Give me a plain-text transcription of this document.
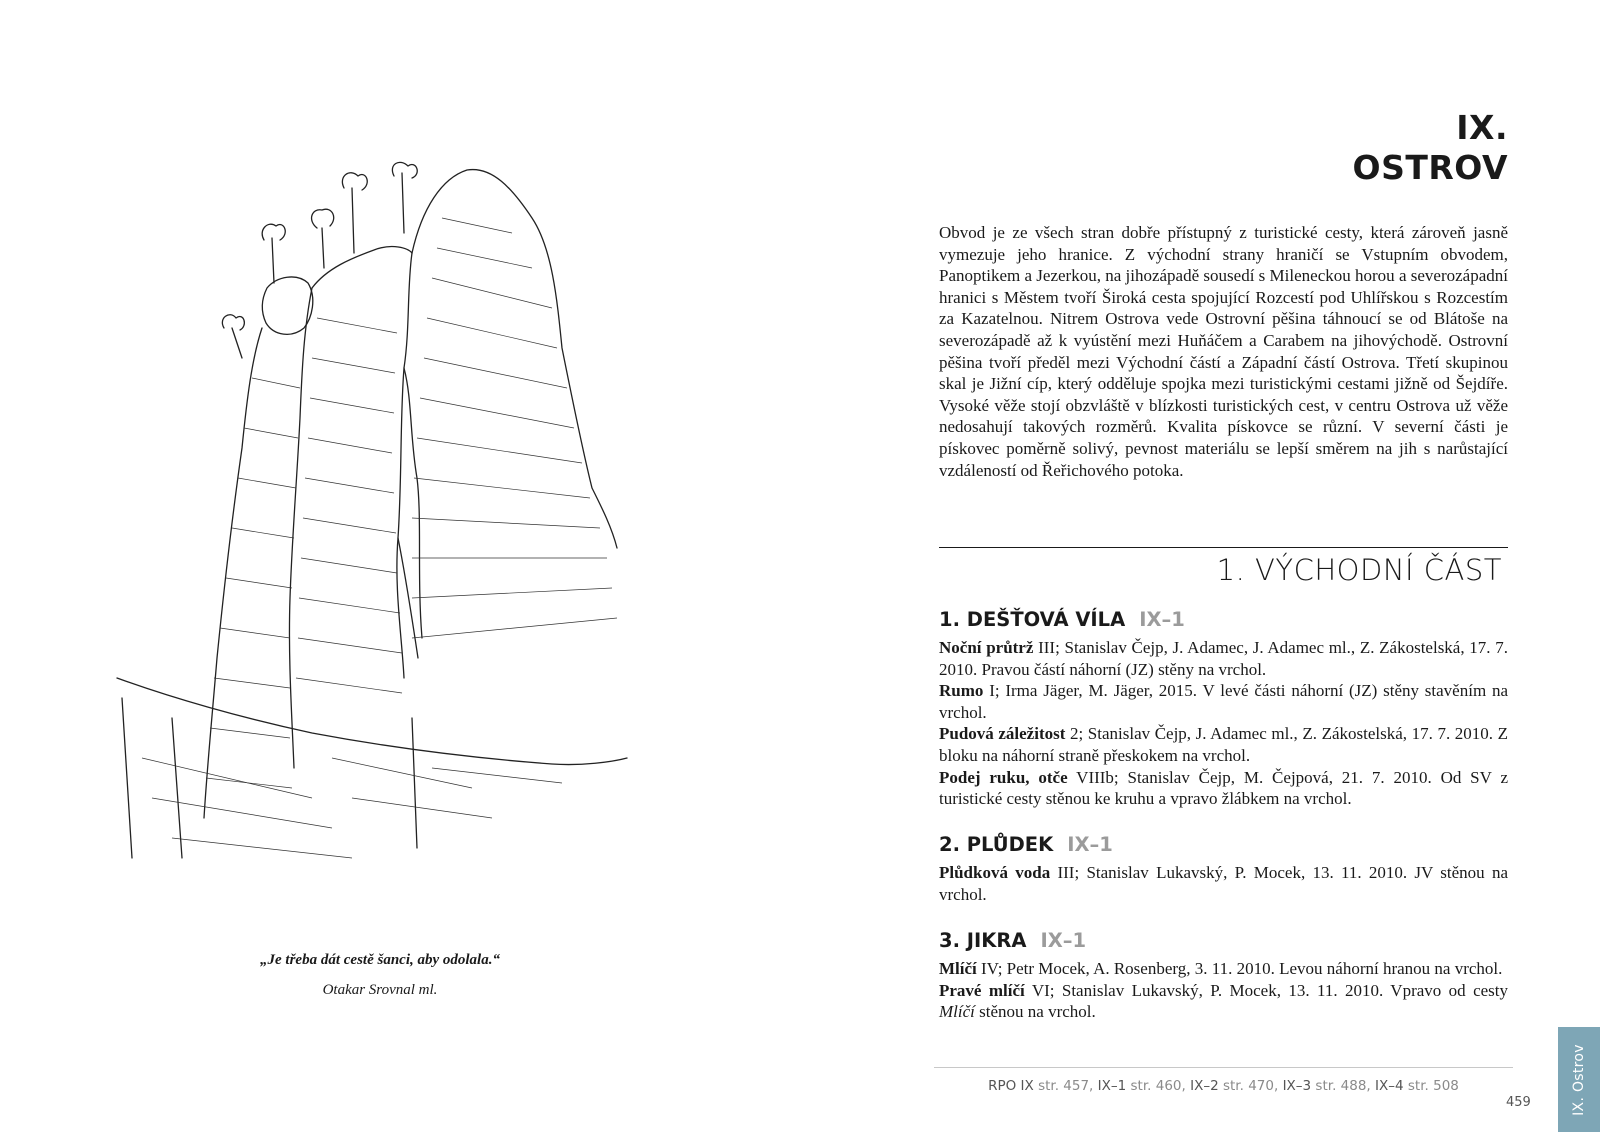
„Je třeba dát cestě šanci, aby odolala.“
Otakar Srovnal ml.
IX.
OSTROV
Obvod je ze všech stran dobře přístupný z turistické cesty, která zároveň jasně vymezuje jeho hranice. Z východní strany hraničí se Vstupním obvodem, Panoptikem a Jezerkou, na jihozápadě sousedí s Mileneckou horou a severozápadní hranici s Městem tvoří Široká cesta spojující Rozcestí pod Uhlířskou s Rozcestím za Kazatelnou. Nitrem Ostrova vede Ostrovní pěšina táhnoucí se od Blátoše na severozápadě až k vyústění mezi Huňáčem a Carabem na jihovýchodě. Ostrovní pěšina tvoří předěl mezi Východní částí a Západní částí Ostrova. Třetí skupinou skal je Jižní cíp, který odděluje spojka mezi turistickými cestami jižně od Šejdíře. Vysoké věže stojí obzvláště v blízkosti turistických cest, v centru Ostrova už věže nedosahují takových rozměrů. Kvalita pískovce se různí. V severní části je pískovec poměrně solivý, pevnost materiálu se lepší směrem na jih s narůstající vzdáleností od Řeřichového potoka.
1. VÝCHODNÍ ČÁST
1. DEŠŤOVÁ VÍLA IX–1
Noční průtrž III; Stanislav Čejp, J. Adamec, J. Adamec ml., Z. Zákostelská, 17. 7. 2010. Pravou částí náhorní (JZ) stěny na vrchol.
Rumo I; Irma Jäger, M. Jäger, 2015. V levé části náhorní (JZ) stěny stavěním na vrchol.
Pudová záležitost 2; Stanislav Čejp, J. Adamec ml., Z. Zákostelská, 17. 7. 2010. Z bloku na náhorní straně přeskokem na vrchol.
Podej ruku, otče VIIIb; Stanislav Čejp, M. Čejpová, 21. 7. 2010. Od SV z turistické cesty stěnou ke kruhu a vpravo žlábkem na vrchol.
2. PLŮDEK IX–1
Plůdková voda III; Stanislav Lukavský, P. Mocek, 13. 11. 2010. JV stěnou na vrchol.
3. JIKRA IX–1
Mlíčí IV; Petr Mocek, A. Rosenberg, 3. 11. 2010. Levou náhorní hranou na vrchol.
Pravé mlíčí VI; Stanislav Lukavský, P. Mocek, 13. 11. 2010. Vpravo od cesty Mlíčí stěnou na vrchol.
RPO IX str. 457, IX–1 str. 460, IX–2 str. 470, IX–3 str. 488, IX–4 str. 508
459	IX. Ostrov
